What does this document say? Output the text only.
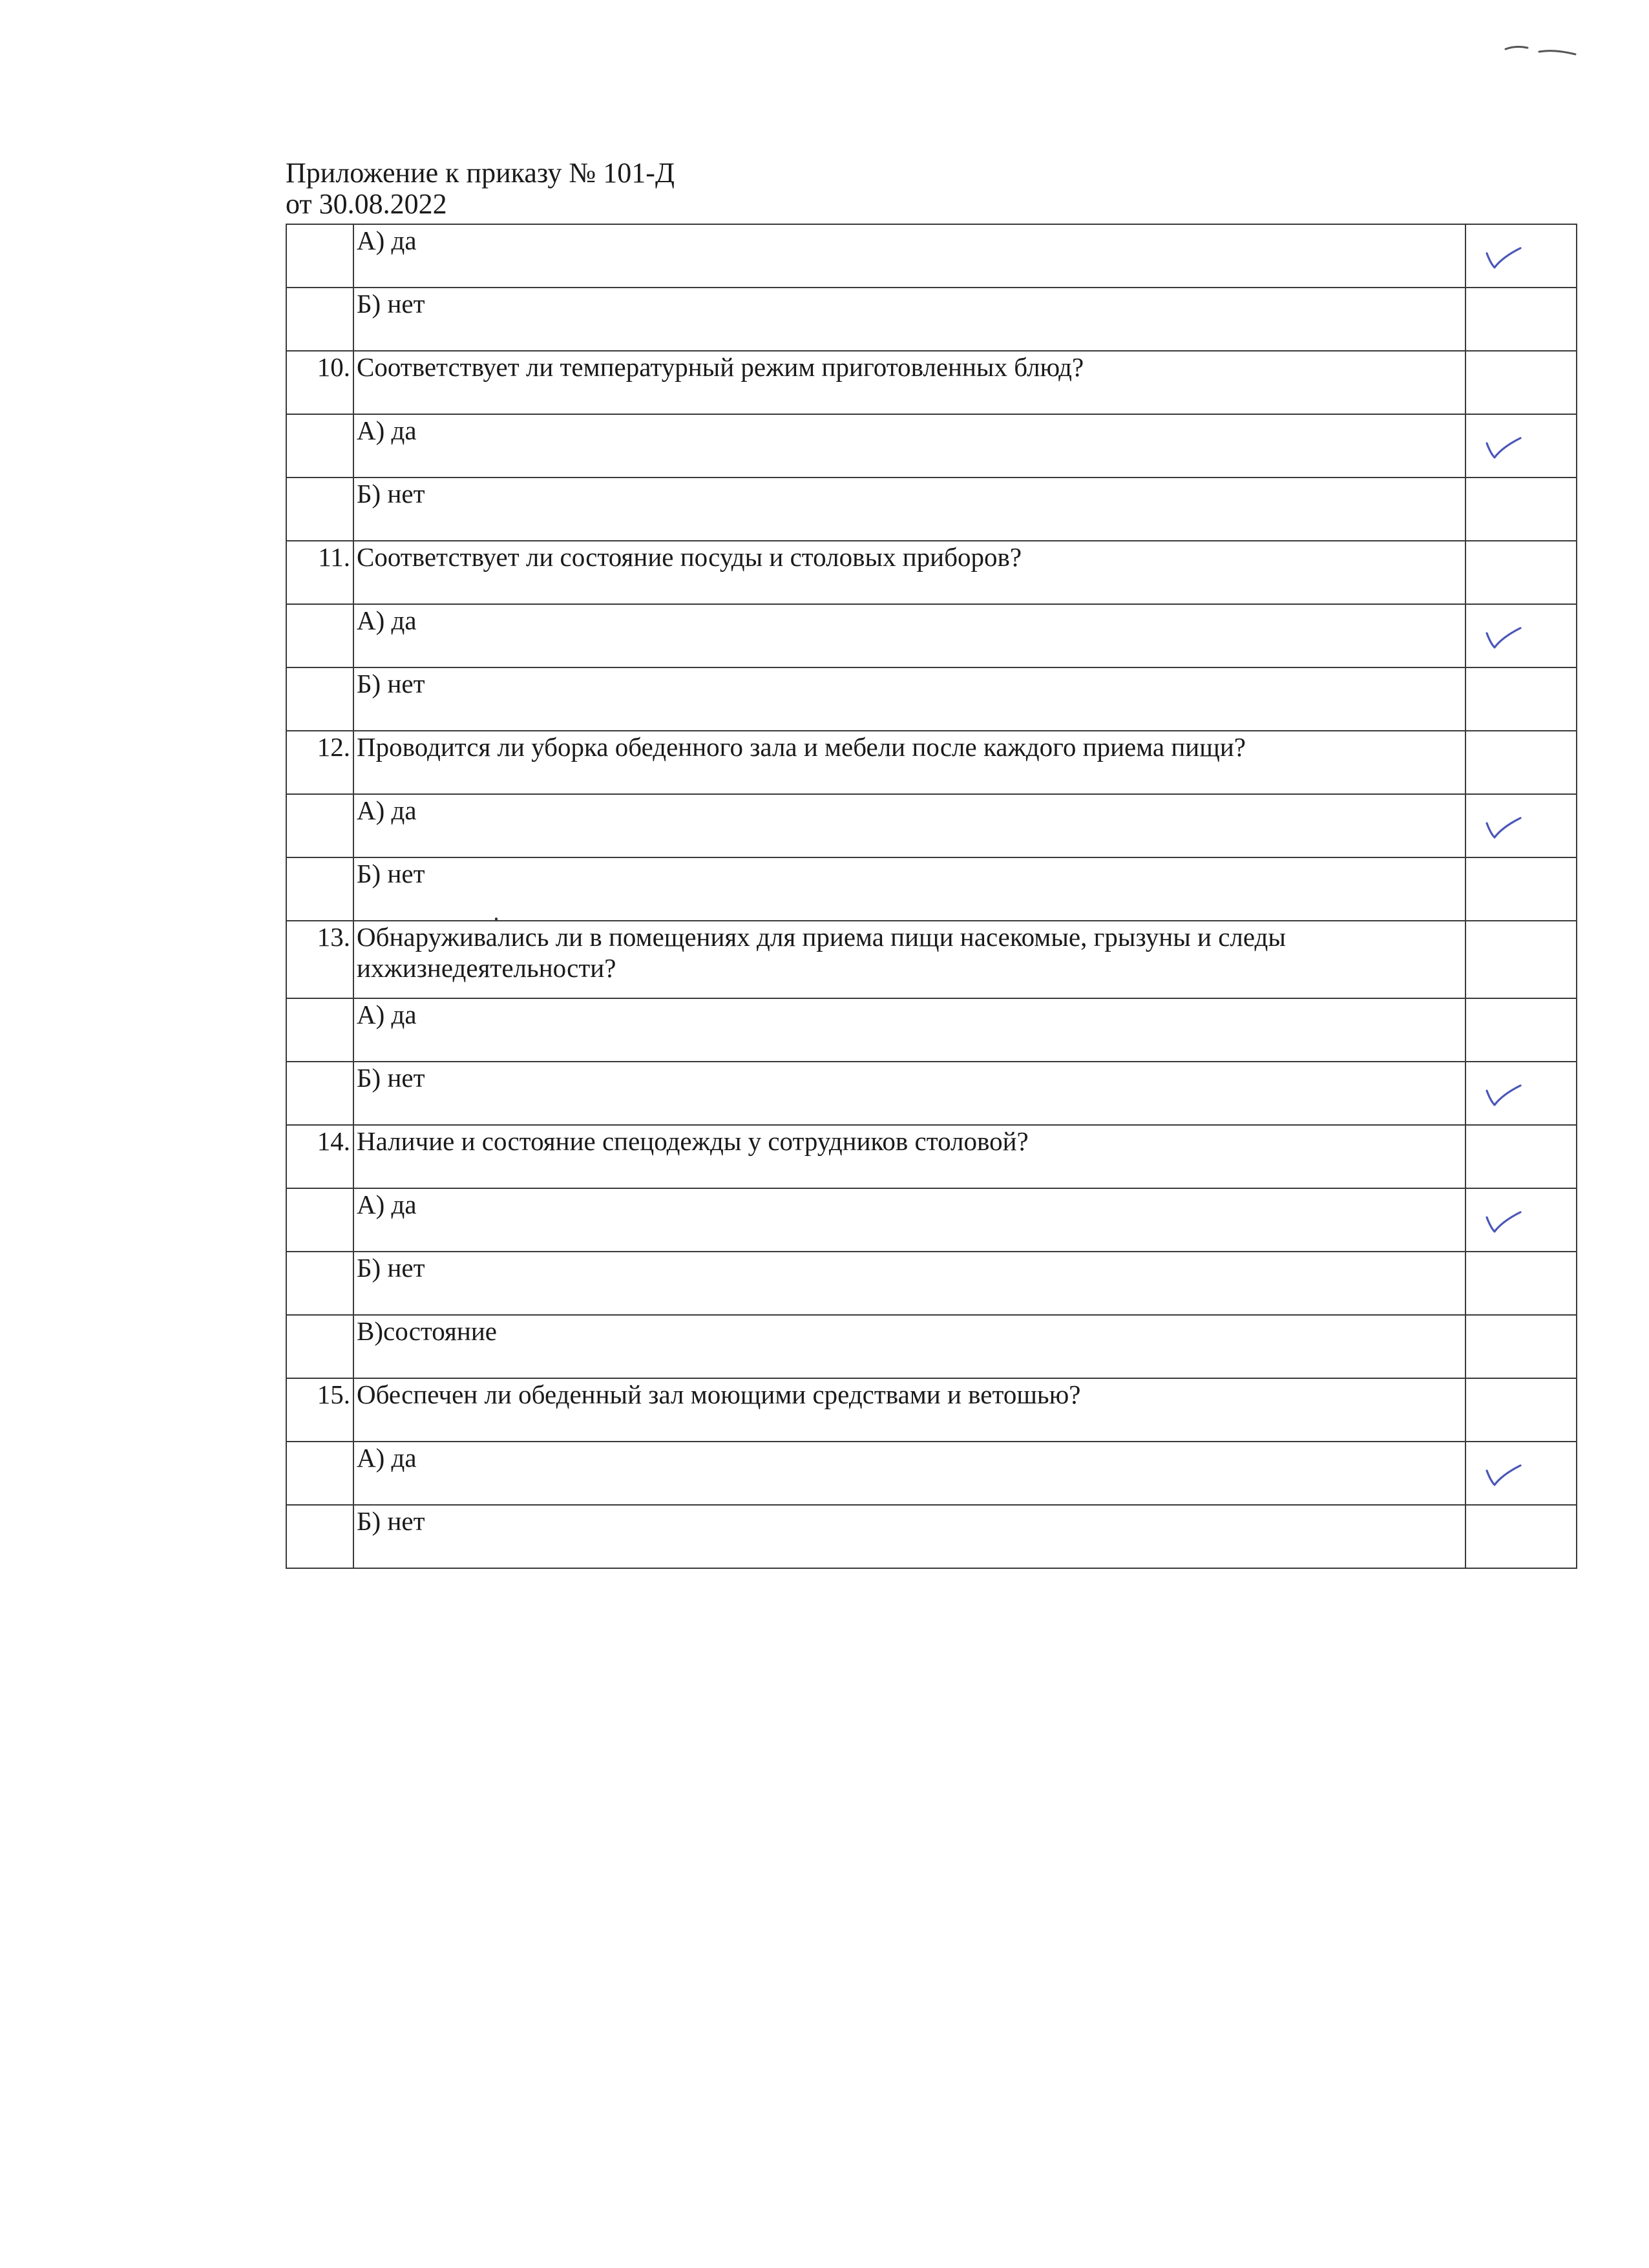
Приложение к приказу № 101-Д
от 30.08.2022
	А) да	

	Б) нет	
10.	Соответствует ли температурный режим приготовленных блюд?	
	А) да	

	Б) нет	
11.	Соответствует ли состояние посуды и столовых приборов?	
	А) да	

	Б) нет	
12.	Проводится ли уборка обеденного зала и мебели после каждого приема пищи?	
	А) да	

	Б) нет	
13.	Обнаруживались ли в помещениях для приема пищи насекомые, грызуны и следы ихжизнедеятельности?	
	А) да	
	Б) нет	

14.	Наличие и состояние спецодежды у сотрудников столовой?	
	А) да	

	Б) нет	
	В)состояние	
15.	Обеспечен ли обеденный зал моющими средствами и ветошью?	
	А) да	

	Б) нет	
